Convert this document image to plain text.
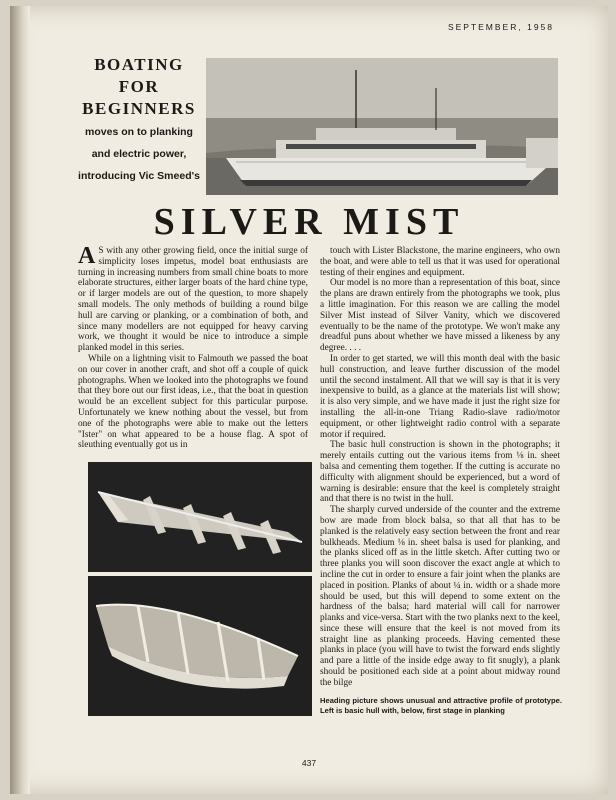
SEPTEMBER, 1958
BOATING
FOR
BEGINNERS
moves on to planking
and electric power,
introducing Vic Smeed's
SILVER MIST

A S with any other growing field, once the initial surge of simplicity loses impetus, model boat enthusiasts are turning in increasing numbers from small chine boats to more elaborate structures, either larger boats of the hard chine type, or if larger models are out of the question, to more shapely small models. The only methods of building a round bilge hull are carving or planking, or a combination of both, and since many modellers are not equipped for heavy carving work, we thought it would be nice to introduce a simple planked model in this series.

While on a lightning visit to Falmouth we passed the boat on our cover in another craft, and shot off a couple of quick photographs. When we looked into the photographs we found that they bore out our first ideas, i.e., that the boat in question would be an excellent subject for this particular purpose. Unfortunately we knew nothing about the vessel, but from one of the photographs were able to make out the letters "Ister" on what appeared to be a house flag. A spot of sleuthing eventually got us in

touch with Lister Blackstone, the marine engineers, who own the boat, and were able to tell us that it was used for operational testing of their engines and equipment.

Our model is no more than a representation of this boat, since the plans are drawn entirely from the photographs we took, plus a little imagination. For this reason we are calling the model Silver Mist instead of Silver Vanity, which we discovered eventually to be the name of the prototype. We won't make any dreadful puns about whether we have missed a likeness by any degree. . . .

In order to get started, we will this month deal with the basic hull construction, and leave further discussion of the model until the second instalment. All that we will say is that it is very inexpensive to build, as a glance at the materials list will show; it is also very simple, and we have made it just the right size for installing the all-in-one Triang Radio-slave radio/motor equipment, or other lightweight radio control with a separate motor if required.

The basic hull construction is shown in the photographs; it merely entails cutting out the various items from ⅛ in. sheet balsa and cementing them together. If the cutting is accurate no difficulty with alignment should be experienced, but a word of warning is desirable: ensure that the keel is completely straight and that there is no twist in the hull.

The sharply curved underside of the counter and the extreme bow are made from block balsa, so that all that has to be planked is the relatively easy section between the front and rear bulkheads. Medium ⅛ in. sheet balsa is used for planking, and the planks sliced off as in the little sketch. After cutting two or three planks you will soon discover the exact angle at which to incline the cut in order to ensure a fair joint when the planks are placed in position. Planks of about ¼ in. width or a shade more should be used, but this will depend to some extent on the hardness of the balsa; hard material will call for narrower planks and vice-versa. Start with the two planks next to the keel, since these will ensure that the keel is not moved from its straight line as planking proceeds. Having cemented these planks in place (you will have to twist the forward ends slightly and pare a little of the inside edge away to fit snugly), a plank should be positioned each side at a point about midway round the bilge

Heading picture shows unusual and attractive profile of prototype. Left is basic hull with, below, first stage in planking
437
